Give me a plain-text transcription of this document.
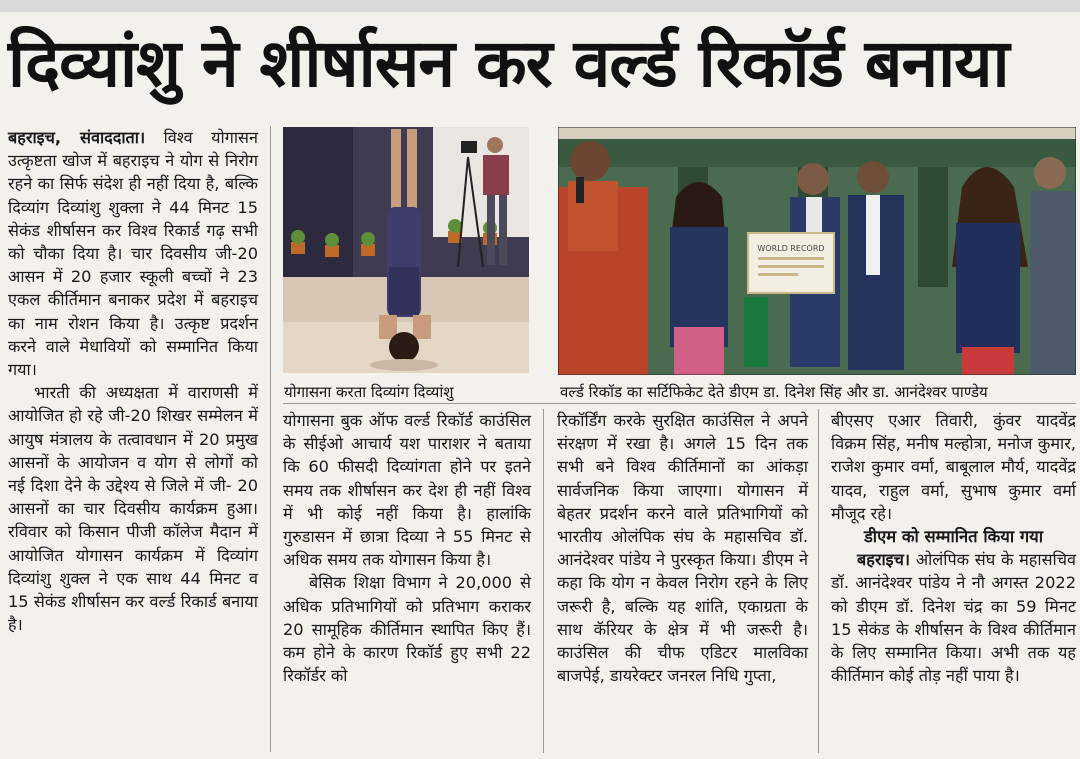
दिव्यांशु ने शीर्षासन कर वर्ल्ड रिकॉर्ड बनाया

बहराइच, संवाददाता। विश्व योगासन उत्कृष्टता खोज में बहराइच ने योग से निरोग रहने का सिर्फ संदेश ही नहीं दिया है, बल्कि दिव्यांग दिव्यांशु शुक्ला ने 44 मिनट 15 सेकंड शीर्षासन कर विश्व रिकार्ड गढ़ सभी को चौका दिया है। चार दिवसीय जी-20 आसन में 20 हजार स्कूली बच्चों ने 23 एकल कीर्तिमान बनाकर प्रदेश में बहराइच का नाम रोशन किया है। उत्कृष्ट प्रदर्शन करने वाले मेधावियों को सम्मानित किया गया।

भारती की अध्यक्षता में वाराणसी में आयोजित हो रहे जी-20 शिखर सम्मेलन में आयुष मंत्रालय के तत्वावधान में 20 प्रमुख आसनों के आयोजन व योग से लोगों को नई दिशा देने के उद्देश्य से जिले में जी- 20 आसनों का चार दिवसीय कार्यक्रम हुआ। रविवार को किसान पीजी कॉलेज मैदान में आयोजित योगासन कार्यक्रम में दिव्यांग दिव्यांशु शुक्ल ने एक साथ 44 मिनट व 15 सेकंड शीर्षासन कर वर्ल्ड रिकार्ड बनाया है।

योगासना करता दिव्यांग दिव्यांशु
WORLD RECORD
वर्ल्ड रिकॉड का सर्टिफिकेट देते डीएम डा. दिनेश सिंह और डा. आनंदेश्वर पाण्डेय

योगासना बुक ऑफ वर्ल्ड रिकॉर्ड काउंसिल के सीईओ आचार्य यश पाराशर ने बताया कि 60 फीसदी दिव्यांगता होने पर इतने समय तक शीर्षासन कर देश ही नहीं विश्व में भी कोई नहीं किया है। हालांकि गुरुडासन में छात्रा दिव्या ने 55 मिनट से अधिक समय तक योगासन किया है।

बेसिक शिक्षा विभाग ने 20,000 से अधिक प्रतिभागियों को प्रतिभाग कराकर 20 सामूहिक कीर्तिमान स्थापित किए हैं। कम होने के कारण रिकॉर्ड हुए सभी 22 रिकॉर्डर को

रिकॉर्डिंग करके सुरक्षित काउंसिल ने अपने संरक्षण में रखा है। अगले 15 दिन तक सभी बने विश्व कीर्तिमानों का आंकड़ा सार्वजनिक किया जाएगा। योगासन में बेहतर प्रदर्शन करने वाले प्रतिभागियों को भारतीय ओलंपिक संघ के महासचिव डॉ. आनंदेश्वर पांडेय ने पुरस्कृत किया। डीएम ने कहा कि योग न केवल निरोग रहने के लिए जरूरी है, बल्कि यह शांति, एकाग्रता के साथ कॅरियर के क्षेत्र में भी जरूरी है। काउंसिल की चीफ एडिटर मालविका बाजपेई, डायरेक्टर जनरल निधि गुप्ता,

बीएसए एआर तिवारी, कुंवर यादवेंद्र विक्रम सिंह, मनीष मल्होत्रा, मनोज कुमार, राजेश कुमार वर्मा, बाबूलाल मौर्य, यादवेंद्र यादव, राहुल वर्मा, सुभाष कुमार वर्मा मौजूद रहे।

डीएम को सम्मानित किया गया

बहराइच। ओलंपिक संघ के महासचिव डॉ. आनंदेश्वर पांडेय ने नौ अगस्त 2022 को डीएम डॉ. दिनेश चंद्र का 59 मिनट 15 सेकंड के शीर्षासन के विश्व कीर्तिमान के लिए सम्मानित किया। अभी तक यह कीर्तिमान कोई तोड़ नहीं पाया है।
